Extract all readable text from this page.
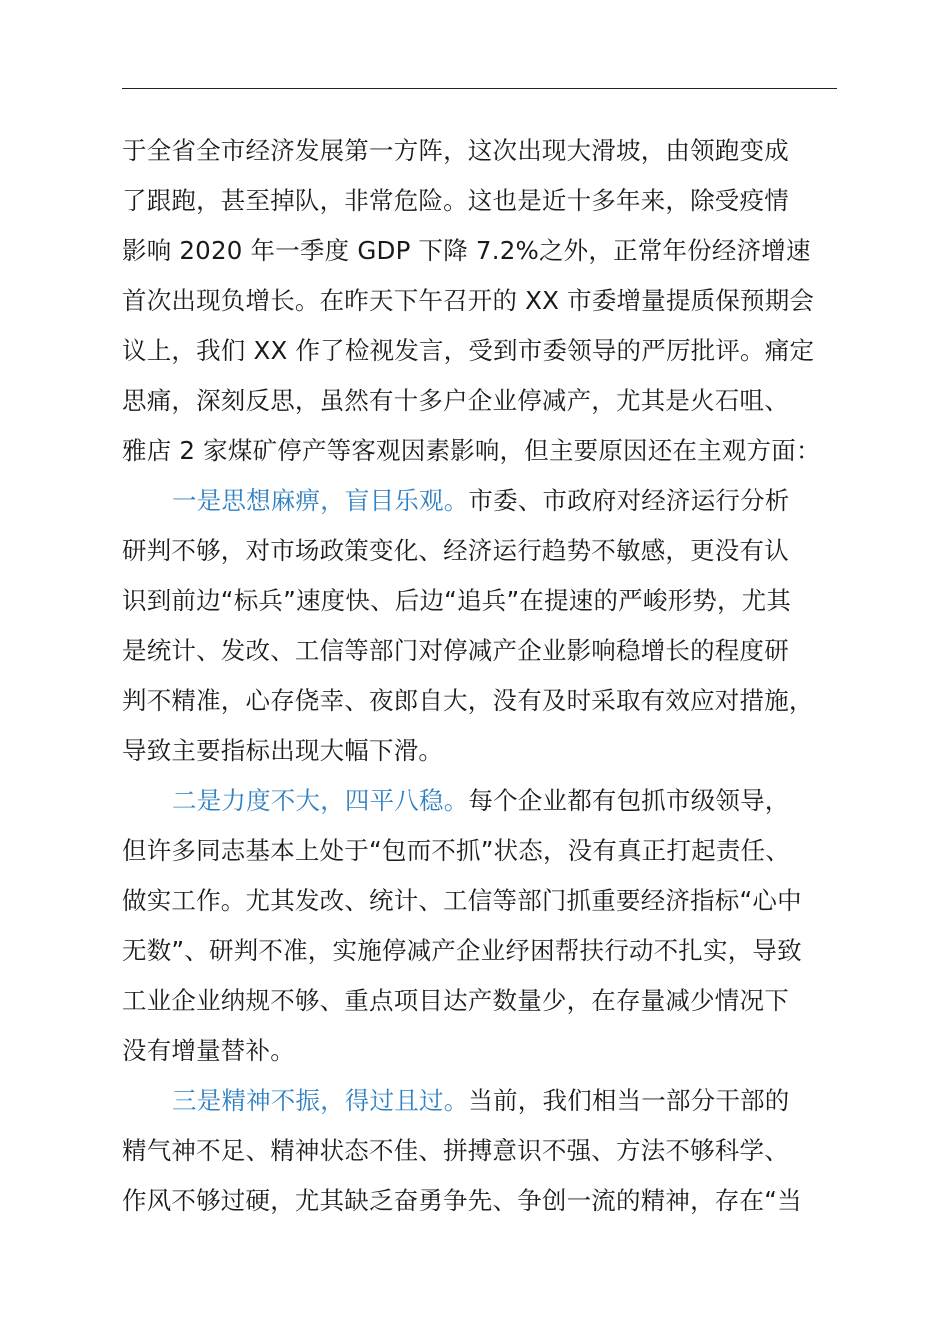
于全省全市经济发展第一方阵，这次出现大滑坡，由领跑变成
了跟跑，甚至掉队，非常危险。这也是近十多年来，除受疫情
影响 2020 年一季度 GDP 下降 7.2%之外，正常年份经济增速
首次出现负增长。在昨天下午召开的 XX 市委增量提质保预期会
议上，我们 XX 作了检视发言，受到市委领导的严厉批评。痛定
思痛，深刻反思，虽然有十多户企业停减产，尤其是火石咀、
雅店 2 家煤矿停产等客观因素影响，但主要原因还在主观方面：
一是思想麻痹，盲目乐观。市委、市政府对经济运行分析
研判不够，对市场政策变化、经济运行趋势不敏感，更没有认
识到前边“标兵”速度快、后边“追兵”在提速的严峻形势，尤其
是统计、发改、工信等部门对停减产企业影响稳增长的程度研
判不精准，心存侥幸、夜郎自大，没有及时采取有效应对措施，
导致主要指标出现大幅下滑。
二是力度不大，四平八稳。每个企业都有包抓市级领导，
但许多同志基本上处于“包而不抓”状态，没有真正打起责任、
做实工作。尤其发改、统计、工信等部门抓重要经济指标“心中
无数”、研判不准，实施停减产企业纾困帮扶行动不扎实，导致
工业企业纳规不够、重点项目达产数量少，在存量减少情况下
没有增量替补。
三是精神不振，得过且过。当前，我们相当一部分干部的
精气神不足、精神状态不佳、拼搏意识不强、方法不够科学、
作风不够过硬，尤其缺乏奋勇争先、争创一流的精神，存在“当
